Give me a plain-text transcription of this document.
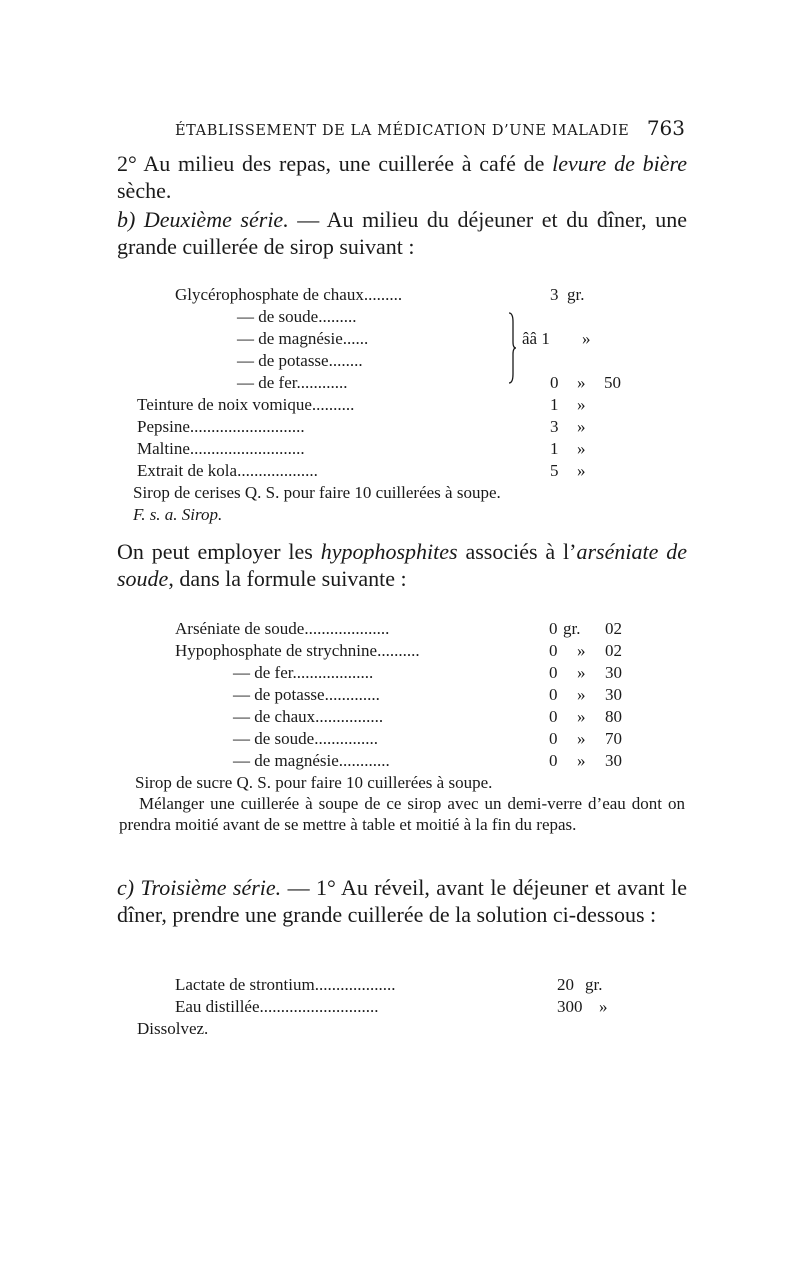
ÉTABLISSEMENT DE LA MÉDICATION D’UNE MALADIE 763
2° Au milieu des repas, une cuillerée à café de levure de bière sèche.
b) Deuxième série. — Au milieu du déjeuner et du dîner, une grande cuillerée de sirop suivant :
Glycérophosphate de chaux.........	3 gr.
— de soude.........
— de magnésie......	ââ 1 »
— de potasse........
— de fer............	0 » 50
Teinture de noix vomique..........	1 »
Pepsine...........................	3 »
Maltine...........................	1 »
Extrait de kola...................	5 »
Sirop de cerises Q. S. pour faire 10 cuillerées à soupe.
F. s. a. Sirop.
On peut employer les hypophosphites associés à l’arséniate de soude, dans la formule suivante :
Arséniate de soude....................	0 gr. 02
Hypophosphate de strychnine..........	0 » 02
— de fer...................	0 » 30
— de potasse.............	0 » 30
— de chaux................	0 » 80
— de soude...............	0 » 70
— de magnésie............	0 » 30
Sirop de sucre Q. S. pour faire 10 cuillerées à soupe.
Mélanger une cuillerée à soupe de ce sirop avec un demi-verre d’eau dont on prendra moitié avant de se mettre à table et moitié à la fin du repas.
c) Troisième série. — 1° Au réveil, avant le déjeuner et avant le dîner, prendre une grande cuillerée de la solution ci-dessous :
Lactate de strontium...................	20 gr.
Eau distillée............................	300 »
Dissolvez.
